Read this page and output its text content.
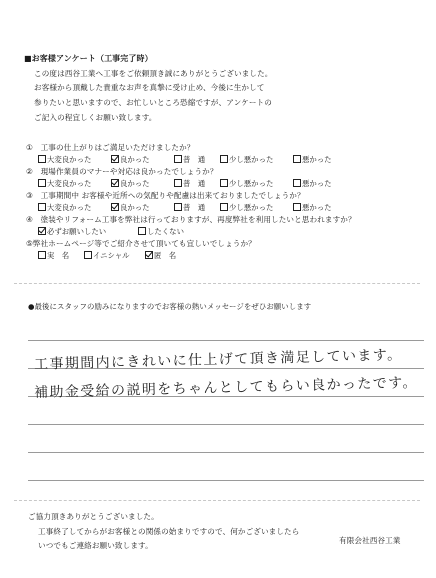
■お客様アンケート（工事完了時）
この度は西谷工業へ工事をご依頼頂き誠にありがとうございました。
お客様から頂戴した貴重なお声を真摯に受け止め、今後に生かして
参りたいと思いますので、お忙しいところ恐縮ですが、アンケートの
ご記入の程宜しくお願い致します。
①　工事の仕上がりはご満足いただけましたか？
大変良かった	良かった	普　通	少し悪かった	悪かった
②　現場作業員のマナーや対応は良かったでしょうか？
大変良かった	良かった	普　通	少し悪かった	悪かった
③　工事期間中 お客様や近所への気配りや配慮は出来ておりましたでしょうか？
大変良かった	良かった	普　通	少し悪かった	悪かった
④　塗装やリフォーム工事を弊社は行っておりますが、再度弊社を利用したいと思われますか？
必ずお願いしたい	したくない
⑤弊社ホームページ等でご紹介させて頂いても宜しいでしょうか？
実　名	イニシャル	匿　名
●最後にスタッフの励みになりますのでお客様の熱いメッセージをぜひお願いします
工事期間内にきれいに仕上げて頂き満足しています。
補助金受給の説明をちゃんとしてもらい良かったです。
ご協力頂きありがとうございました。
工事終了してからがお客様との関係の始まりですので、何かございましたら
いつでもご連絡お願い致します。
有限会社西谷工業
